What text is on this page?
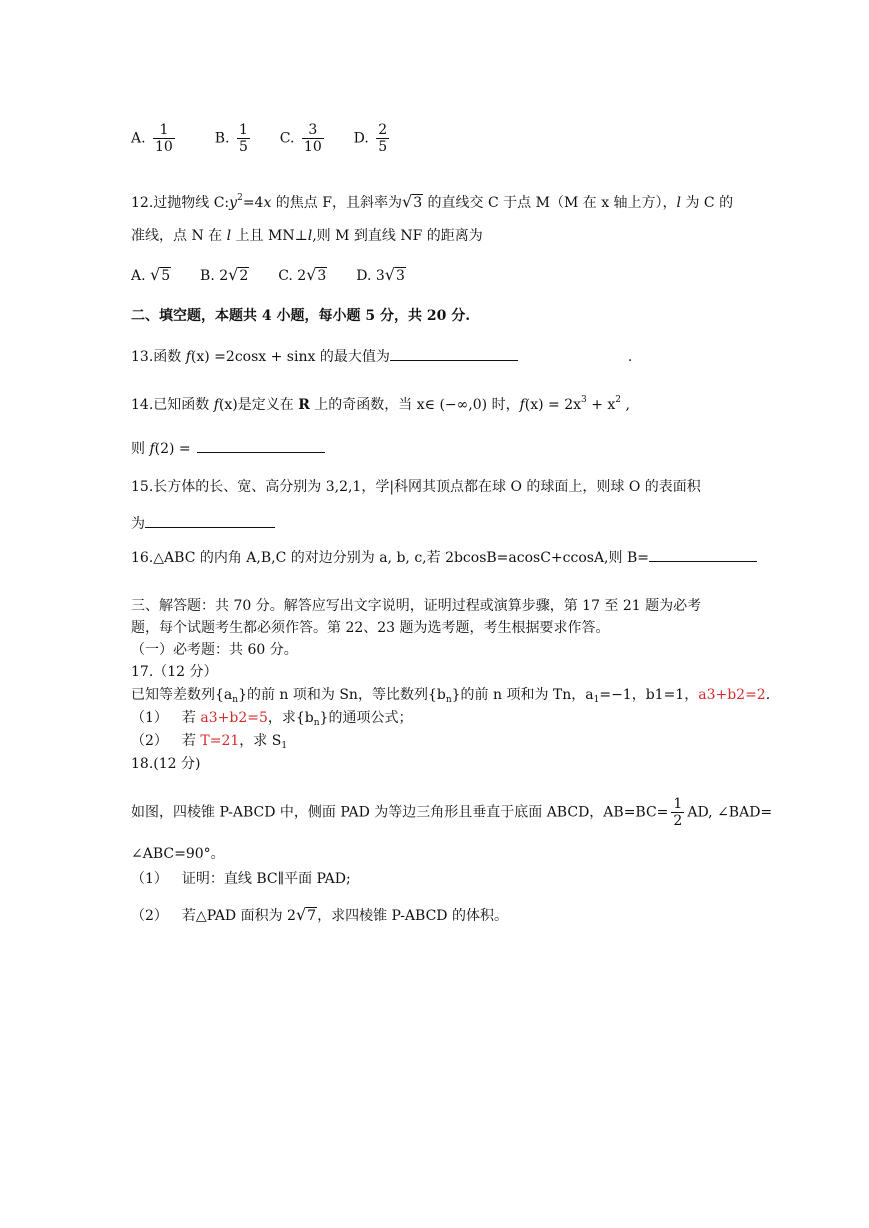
A. $\frac{1}{10}$	B. $\frac{1}{5} C$. $\frac{3}{10} D$. $\frac{2}{5}$
12.过抛物线 $C:y^2=4x$ 的焦点 F，且斜率为 √ 3 的直线交 C 于点 M（M 在 x 轴上方），l 为 C 的
准线，点 N 在 l 上且 MN⊥l,则 M 到直线 NF 的距离为
A. √ 5 B. 2 √ 2 C. 2 √ 3 D. 3 √ 3
二、填空题，本题共 4 小题，每小题 5 分，共 20 分.
13.函数 f(x) =2cosx + sinx 的最大值为	.
14.已知函数 f(x)是定义在 R 上的奇函数，当 x∈ (−∞,0) 时，$f(x) = 2x^3 + x^2$ ,
则 f(2) =
15.长方体的长、宽、高分别为 3,2,1，学|科网其顶点都在球 O 的球面上，则球 O 的表面积
为
16.△ABC 的内角 A,B,C 的对边分别为 a, b, c,若 2bcosB=acosC+ccosA,则 B=
三、解答题：共 70 分。解答应写出文字说明，证明过程或演算步骤，第 17 至 21 题为必考
题，每个试题考生都必须作答。第 22、23 题为选考题，考生根据要求作答。
（一）必考题：共 60 分。
17.（12 分）
已知等差数列$\{a_n\}$的前 n 项和为 Sn，等比数列$\{b_n\}$的前 n 项和为 Tn，$a_1=-1$，b1=1，a3+b2=2.
（1） 若 a3+b2=5，求$\{b_n\}$的通项公式；
（2） 若 T=21，求 $S_1$
18.(12 分)
如图，四棱锥 P-ABCD 中，侧面 PAD 为等边三角形且垂直于底面 ABCD，$AB=BC= \frac{1}{2}$ AD, ∠BAD=
∠ABC=90°。
（1） 证明：直线 BC∥平面 PAD;
（2） 若△PAD 面积为 2 √ 7 ，求四棱锥 P-ABCD 的体积。
